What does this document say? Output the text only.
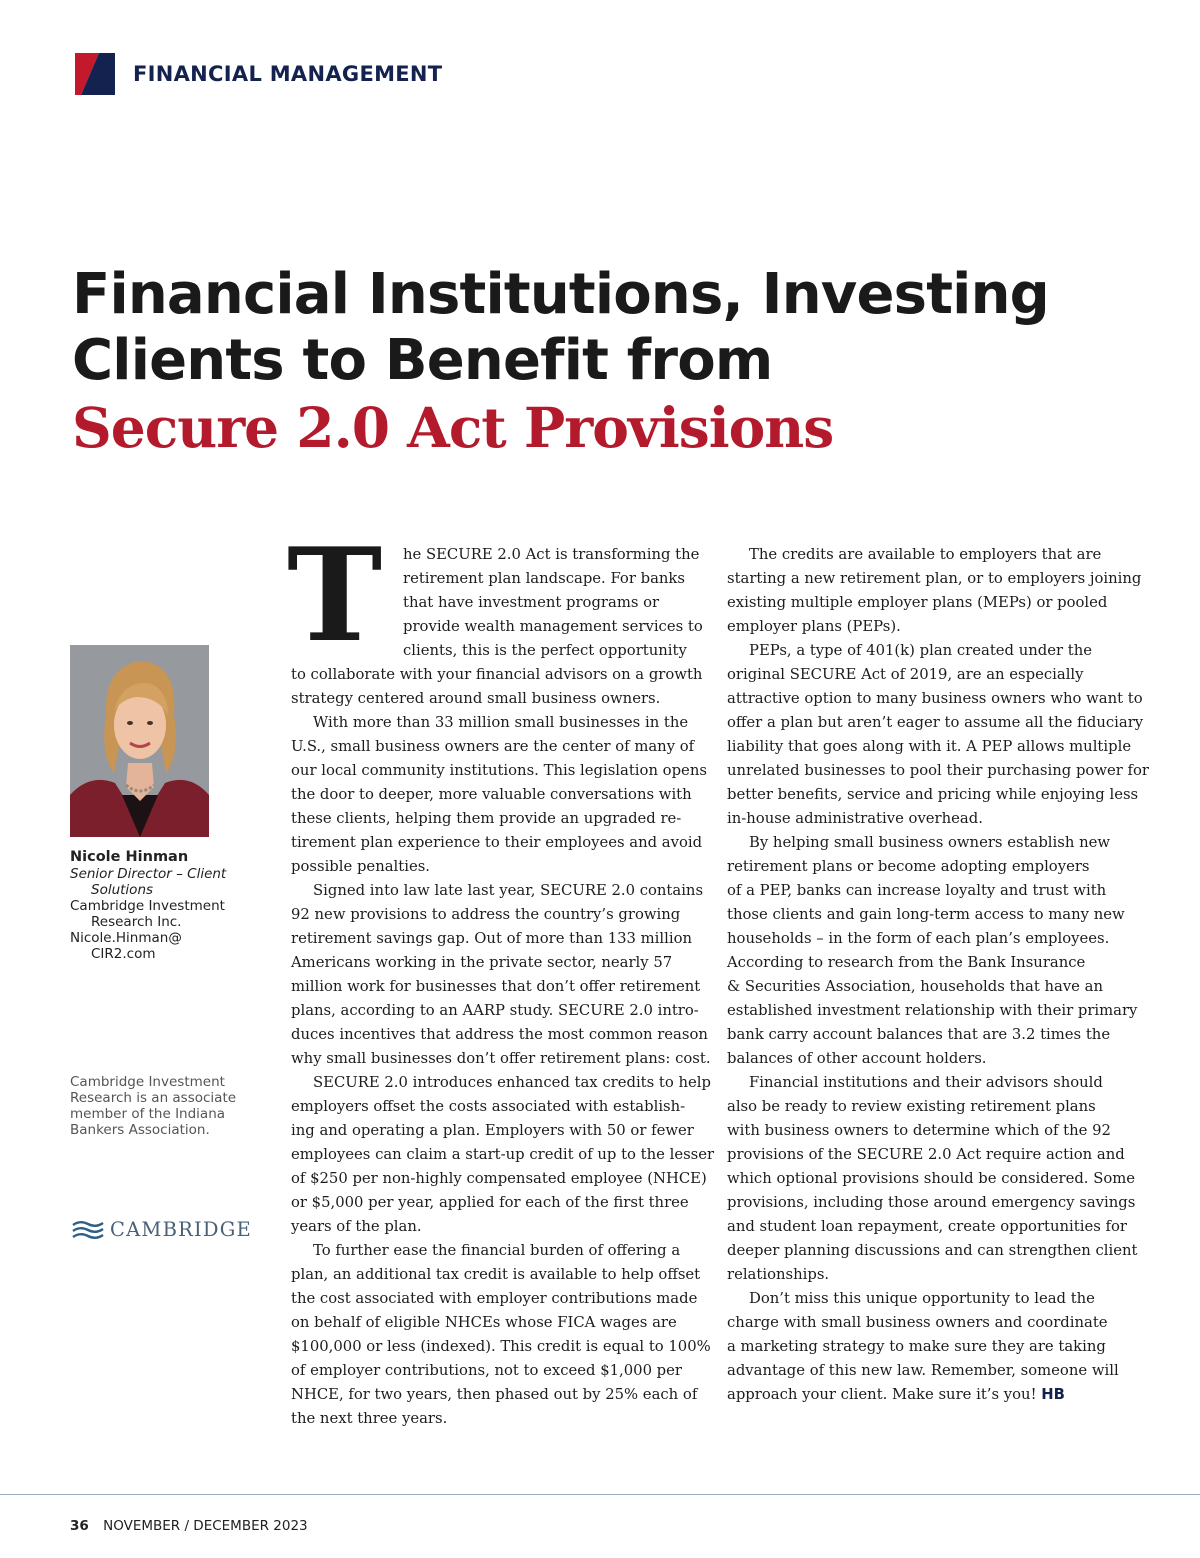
FINANCIAL MANAGEMENT
Financial Institutions, Investing
Clients to Benefit from
Secure 2.0 Act Provisions
Nicole Hinman
Senior Director – Client
Solutions
Cambridge Investment
Research Inc.
Nicole.Hinman@
CIR2.com
Cambridge Investment
Research is an associate
member of the Indiana
Bankers Association.
CAMBRIDGE

T he SECURE 2.0 Act is transforming the
retirement plan landscape. For banks
that have investment programs or
provide wealth management services to
clients, this is the perfect opportunity
to collaborate with your financial advisors on a growth
strategy centered around small business owners.

With more than 33 million small businesses in the
U.S., small business owners are the center of many of
our local community institutions. This legislation opens
the door to deeper, more valuable conversations with
these clients, helping them provide an upgraded re-
tirement plan experience to their employees and avoid
possible penalties.

Signed into law late last year, SECURE 2.0 contains
92 new provisions to address the country’s growing
retirement savings gap. Out of more than 133 million
Americans working in the private sector, nearly 57
million work for businesses that don’t offer retirement
plans, according to an AARP study. SECURE 2.0 intro-
duces incentives that address the most common reason
why small businesses don’t offer retirement plans: cost.

SECURE 2.0 introduces enhanced tax credits to help
employers offset the costs associated with establish-
ing and operating a plan. Employers with 50 or fewer
employees can claim a start-up credit of up to the lesser
of $250 per non-highly compensated employee (NHCE)
or $5,000 per year, applied for each of the first three
years of the plan.

To further ease the financial burden of offering a
plan, an additional tax credit is available to help offset
the cost associated with employer contributions made
on behalf of eligible NHCEs whose FICA wages are
$100,000 or less (indexed). This credit is equal to 100%
of employer contributions, not to exceed $1,000 per
NHCE, for two years, then phased out by 25% each of
the next three years.

The credits are available to employers that are
starting a new retirement plan, or to employers joining
existing multiple employer plans (MEPs) or pooled
employer plans (PEPs).

PEPs, a type of 401(k) plan created under the
original SECURE Act of 2019, are an especially
attractive option to many business owners who want to
offer a plan but aren’t eager to assume all the fiduciary
liability that goes along with it. A PEP allows multiple
unrelated businesses to pool their purchasing power for
better benefits, service and pricing while enjoying less
in-house administrative overhead.

By helping small business owners establish new
retirement plans or become adopting employers
of a PEP, banks can increase loyalty and trust with
those clients and gain long-term access to many new
households – in the form of each plan’s employees.
According to research from the Bank Insurance
& Securities Association, households that have an
established investment relationship with their primary
bank carry account balances that are 3.2 times the
balances of other account holders.

Financial institutions and their advisors should
also be ready to review existing retirement plans
with business owners to determine which of the 92
provisions of the SECURE 2.0 Act require action and
which optional provisions should be considered. Some
provisions, including those around emergency savings
and student loan repayment, create opportunities for
deeper planning discussions and can strengthen client
relationships.

Don’t miss this unique opportunity to lead the
charge with small business owners and coordinate
a marketing strategy to make sure they are taking
advantage of this new law. Remember, someone will
approach your client. Make sure it’s you! HB

36 NOVEMBER / DECEMBER 2023
